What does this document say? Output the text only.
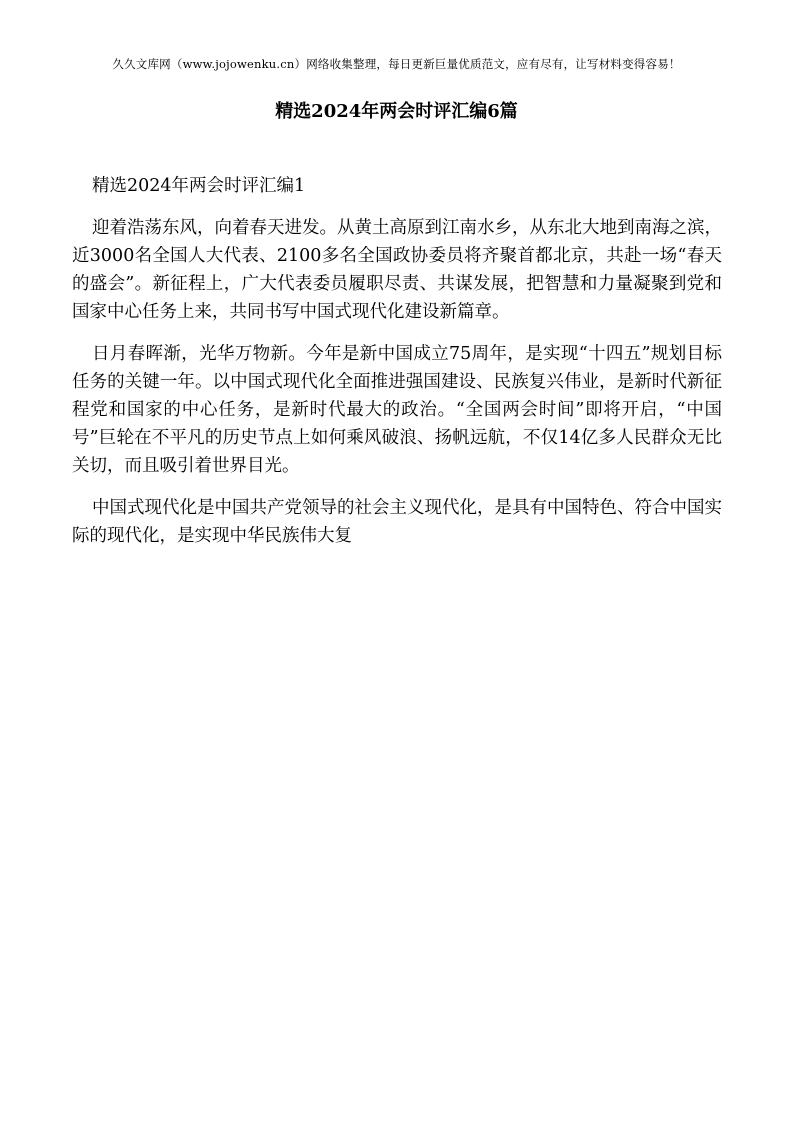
久久文库网（www.jojowenku.cn）网络收集整理，每日更新巨量优质范文，应有尽有，让写材料变得容易！
精选2024年两会时评汇编6篇

精选2024年两会时评汇编1

迎着浩荡东风，向着春天进发。从黄土高原到江南水乡，从东北大地到南海之滨，近3000名全国人大代表、2100多名全国政协委员将齐聚首都北京，共赴一场“春天的盛会”。新征程上，广大代表委员履职尽责、共谋发展，把智慧和力量凝聚到党和国家中心任务上来，共同书写中国式现代化建设新篇章。

日月春晖渐，光华万物新。今年是新中国成立75周年，是实现“十四五”规划目标任务的关键一年。以中国式现代化全面推进强国建设、民族复兴伟业，是新时代新征程党和国家的中心任务，是新时代最大的政治。“全国两会时间”即将开启，“中国号”巨轮在不平凡的历史节点上如何乘风破浪、扬帆远航，不仅14亿多人民群众无比关切，而且吸引着世界目光。

中国式现代化是中国共产党领导的社会主义现代化，是具有中国特色、符合中国实际的现代化，是实现中华民族伟大复
